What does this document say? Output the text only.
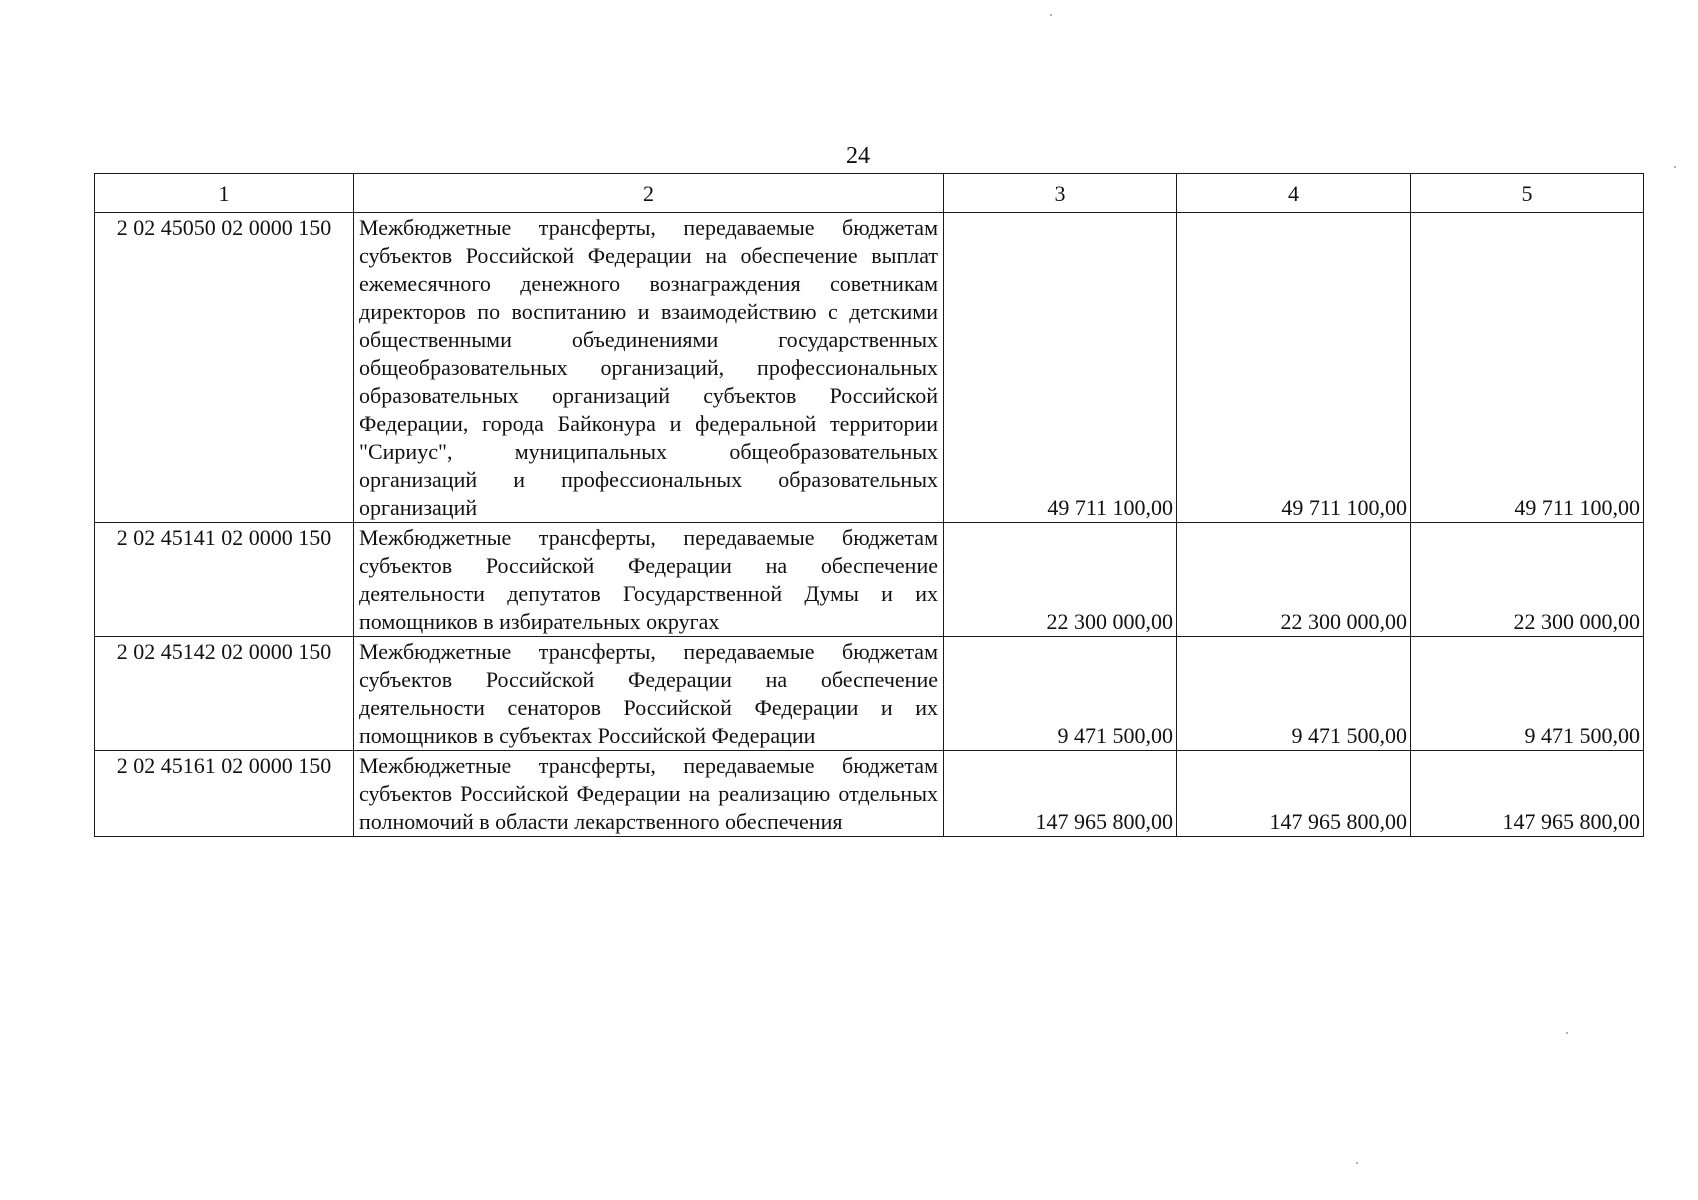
24
1	2	3	4	5
2 02 45050 02 0000 150	Межбюджетные трансферты, передаваемые бюджетам субъектов Российской Федерации на обеспечение выплат ежемесячного денежного вознаграждения советникам директоров по воспитанию и взаимодействию с детскими общественными объединениями государственных общеобразовательных организаций, профессиональных образовательных организаций субъектов Российской Федерации, города Байконура и федеральной территории "Сириус", муниципальных общеобразовательных организаций и профессиональных образовательных организаций	49 711 100,00	49 711 100,00	49 711 100,00
2 02 45141 02 0000 150	Межбюджетные трансферты, передаваемые бюджетам субъектов Российской Федерации на обеспечение деятельности депутатов Государственной Думы и их помощников в избирательных округах	22 300 000,00	22 300 000,00	22 300 000,00
2 02 45142 02 0000 150	Межбюджетные трансферты, передаваемые бюджетам субъектов Российской Федерации на обеспечение деятельности сенаторов Российской Федерации и их помощников в субъектах Российской Федерации	9 471 500,00	9 471 500,00	9 471 500,00
2 02 45161 02 0000 150	Межбюджетные трансферты, передаваемые бюджетам субъектов Российской Федерации на реализацию отдельных полномочий в области лекарственного обеспечения	147 965 800,00	147 965 800,00	147 965 800,00
